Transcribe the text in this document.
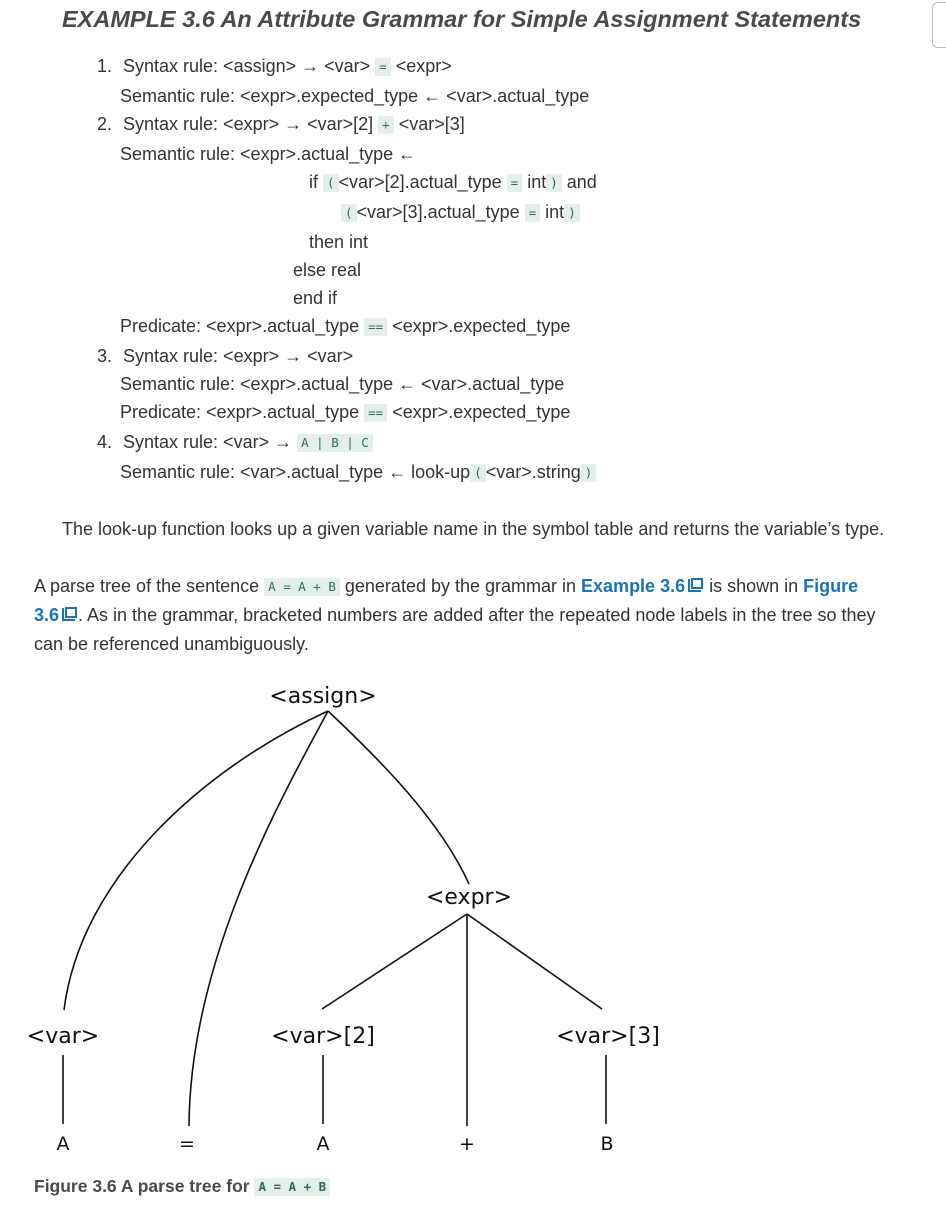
EXAMPLE 3.6 An Attribute Grammar for Simple Assignment Statements
1. Syntax rule: <assign> → <var> = <expr>
Semantic rule: <expr>.expected_type ← <var>.actual_type
2. Syntax rule: <expr> → <var>[2] + <var>[3]
Semantic rule: <expr>.actual_type ←
if ( <var>[2].actual_type = int ) and
( <var>[3].actual_type = int )
then int
else real
end if
Predicate: <expr>.actual_type == <expr>.expected_type
3. Syntax rule: <expr> → <var>
Semantic rule: <expr>.actual_type ← <var>.actual_type
Predicate: <expr>.actual_type == <expr>.expected_type
4. Syntax rule: <var> → A | B | C
Semantic rule: <var>.actual_type ← look-up ( <var>.string )
The look-up function looks up a given variable name in the symbol table and returns the variable’s type.
A parse tree of the sentence A = A + B generated by the grammar in Example 3.6 is shown in Figure
3.6 . As in the grammar, bracketed numbers are added after the repeated node labels in the tree so they
can be referenced unambiguously.
<assign>
<expr>
<var>	<var>[2]	<var>[3]
A	=	A	+	B
Figure 3.6 A parse tree for A = A + B
